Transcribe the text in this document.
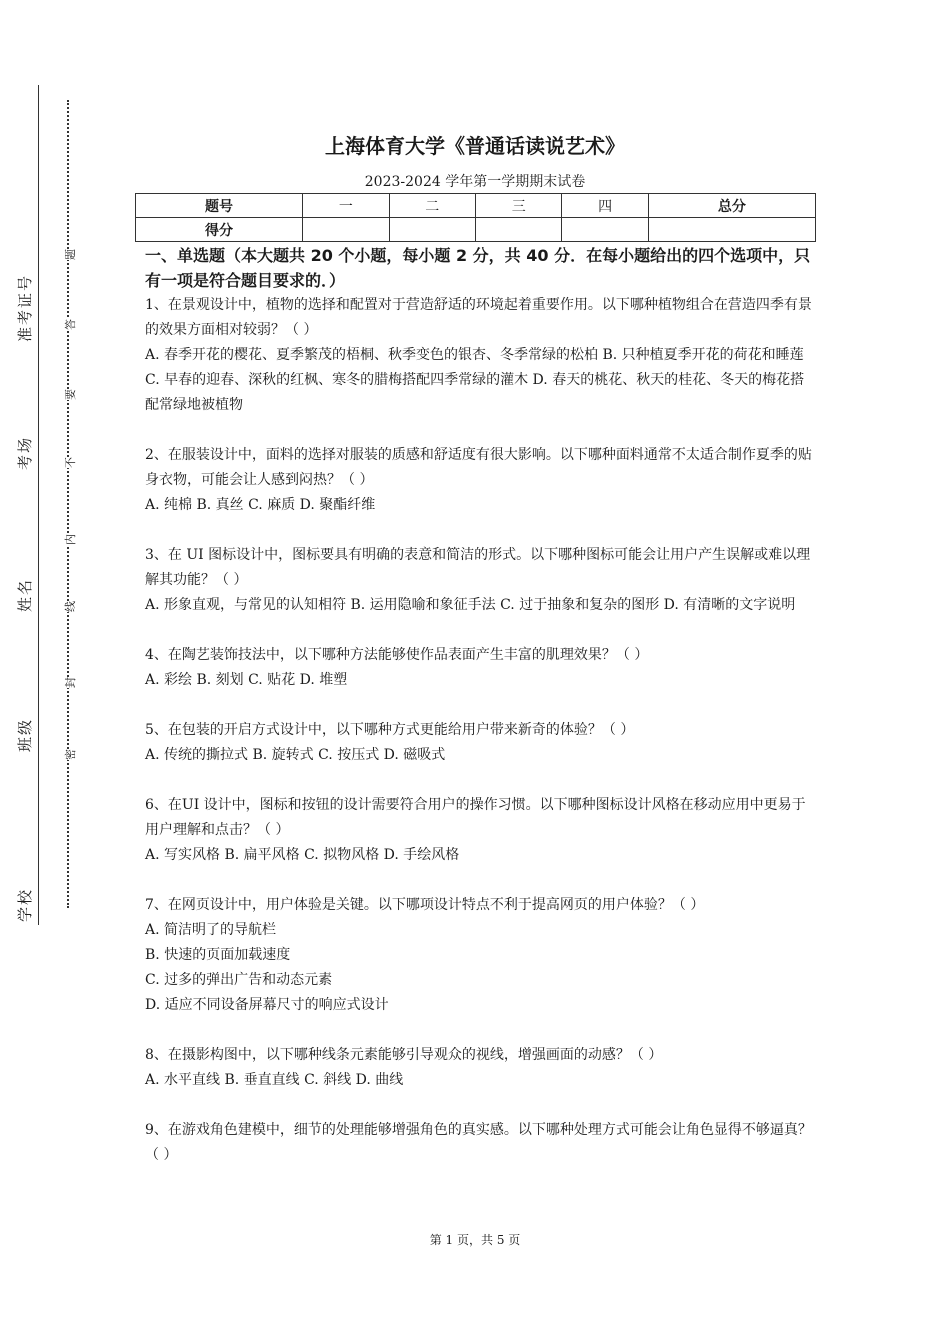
准考证号
考场
姓名
班级
学校
题
答
要
不
内
线
封
密
上海体育大学《普通话读说艺术》
2023-2024 学年第一学期期末试卷
题号	一	二	三	四	总分
得分					
一、单选题（本大题共 20 个小题，每小题 2 分，共 40 分．在每小题给出的四个选项中，只有一项是符合题目要求的．）

1、在景观设计中，植物的选择和配置对于营造舒适的环境起着重要作用。以下哪种植物组合在营造四季有景的效果方面相对较弱？（ ）

A. 春季开花的樱花、夏季繁茂的梧桐、秋季变色的银杏、冬季常绿的松柏 B. 只种植夏季开花的荷花和睡莲 C. 早春的迎春、深秋的红枫、寒冬的腊梅搭配四季常绿的灌木 D. 春天的桃花、秋天的桂花、冬天的梅花搭配常绿地被植物

2、在服装设计中，面料的选择对服装的质感和舒适度有很大影响。以下哪种面料通常不太适合制作夏季的贴身衣物，可能会让人感到闷热？（ ）

A. 纯棉 B. 真丝 C. 麻质 D. 聚酯纤维

3、在 UI 图标设计中，图标要具有明确的表意和简洁的形式。以下哪种图标可能会让用户产生误解或难以理解其功能？（ ）

A. 形象直观，与常见的认知相符 B. 运用隐喻和象征手法 C. 过于抽象和复杂的图形 D. 有清晰的文字说明

4、在陶艺装饰技法中，以下哪种方法能够使作品表面产生丰富的肌理效果？（ ）

A. 彩绘 B. 刻划 C. 贴花 D. 堆塑

5、在包装的开启方式设计中，以下哪种方式更能给用户带来新奇的体验？（ ）

A. 传统的撕拉式 B. 旋转式 C. 按压式 D. 磁吸式

6、在UI 设计中，图标和按钮的设计需要符合用户的操作习惯。以下哪种图标设计风格在移动应用中更易于用户理解和点击？（ ）

A. 写实风格 B. 扁平风格 C. 拟物风格 D. 手绘风格

7、在网页设计中，用户体验是关键。以下哪项设计特点不利于提高网页的用户体验？（ ）

A. 简洁明了的导航栏

B. 快速的页面加载速度

C. 过多的弹出广告和动态元素

D. 适应不同设备屏幕尺寸的响应式设计

8、在摄影构图中，以下哪种线条元素能够引导观众的视线，增强画面的动感？（ ）

A. 水平直线 B. 垂直直线 C. 斜线 D. 曲线

9、在游戏角色建模中，细节的处理能够增强角色的真实感。以下哪种处理方式可能会让角色显得不够逼真？（ ）

第 1 页，共 5 页
